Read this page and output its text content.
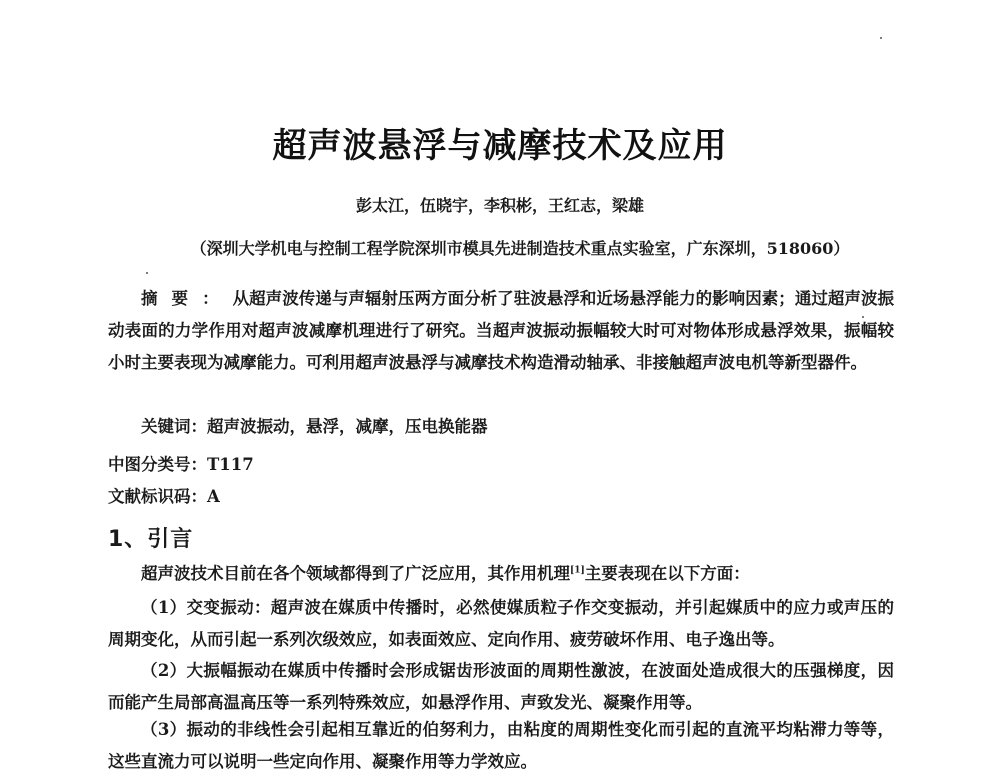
超声波悬浮与减摩技术及应用

彭太江，伍晓宇，李积彬，王红志，梁雄

（深圳大学机电与控制工程学院深圳市模具先进制造技术重点实验室，广东深圳，518060）

摘要：从超声波传递与声辐射压两方面分析了驻波悬浮和近场悬浮能力的影响因素；通过超声波振动表面的力学作用对超声波减摩机理进行了研究。当超声波振动振幅较大时可对物体形成悬浮效果，振幅较小时主要表现为减摩能力。可利用超声波悬浮与减摩技术构造滑动轴承、非接触超声波电机等新型器件。

关键词：超声波振动，悬浮，减摩，压电换能器

中图分类号：T117

文献标识码：A

1、引言

超声波技术目前在各个领域都得到了广泛应用，其作用机理[1]主要表现在以下方面：

（1）交变振动：超声波在媒质中传播时，必然使媒质粒子作交变振动，并引起媒质中的应力或声压的周期变化，从而引起一系列次级效应，如表面效应、定向作用、疲劳破坏作用、电子逸出等。

（2）大振幅振动在媒质中传播时会形成锯齿形波面的周期性激波，在波面处造成很大的压强梯度，因而能产生局部高温高压等一系列特殊效应，如悬浮作用、声致发光、凝聚作用等。

（3）振动的非线性会引起相互靠近的伯努利力，由粘度的周期性变化而引起的直流平均粘滞力等等，这些直流力可以说明一些定向作用、凝聚作用等力学效应。
